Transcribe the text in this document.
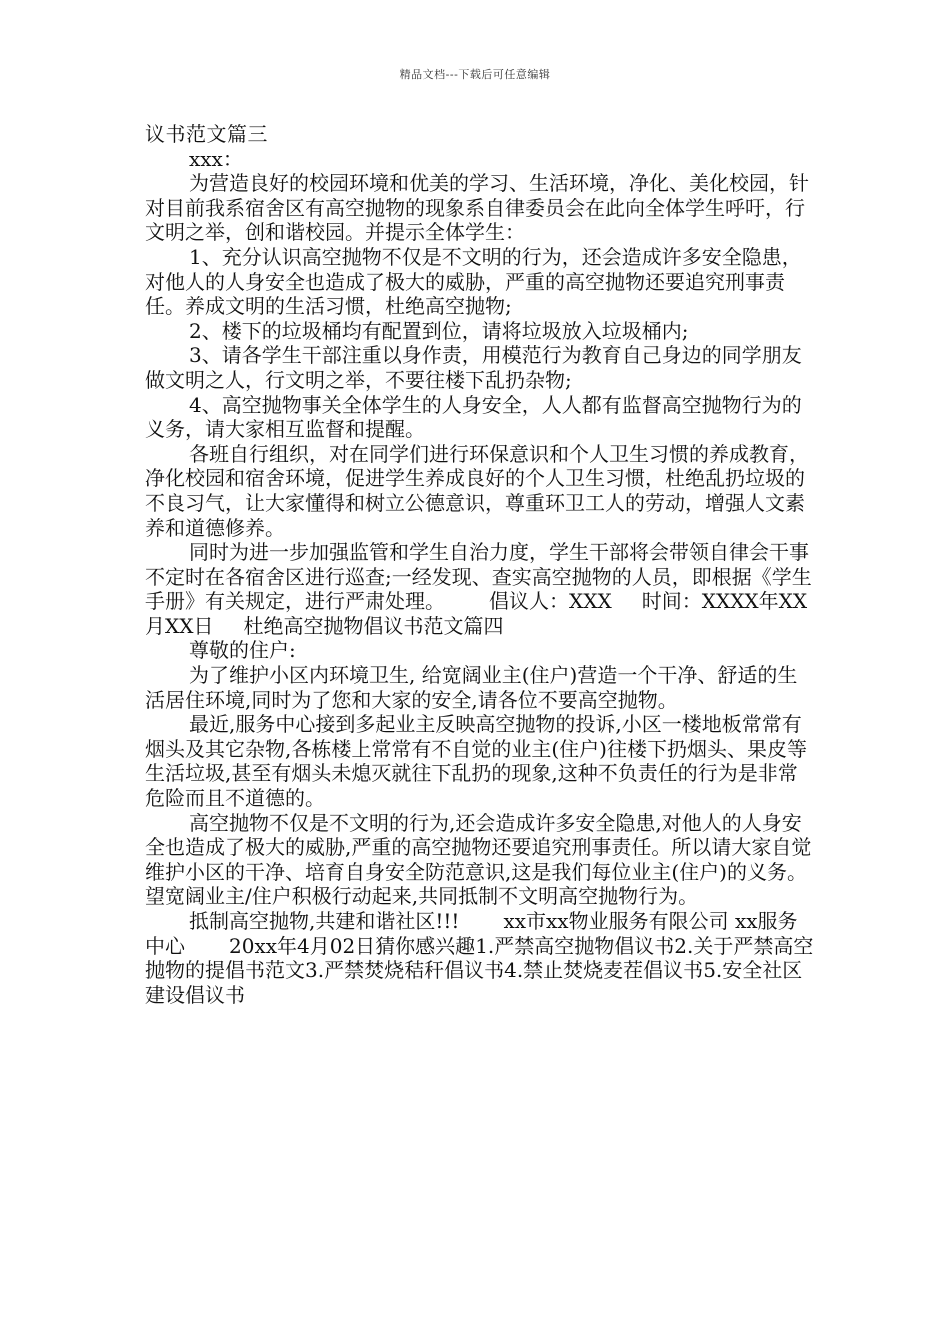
精品文档---下载后可任意编辑

议书范文篇三

xxx：

为营造良好的校园环境和优美的学习、生活环境，净化、美化校园，针对目前我系宿舍区有高空抛物的现象系自律委员会在此向全体学生呼吁，行文明之举，创和谐校园。并提示全体学生：

1、充分认识高空抛物不仅是不文明的行为，还会造成许多安全隐患，对他人的人身安全也造成了极大的威胁，严重的高空抛物还要追究刑事责任。养成文明的生活习惯，杜绝高空抛物;

2、楼下的垃圾桶均有配置到位，请将垃圾放入垃圾桶内;

3、请各学生干部注重以身作责，用模范行为教育自己身边的同学朋友做文明之人，行文明之举，不要往楼下乱扔杂物;

4、高空抛物事关全体学生的人身安全，人人都有监督高空抛物行为的义务，请大家相互监督和提醒。

各班自行组织，对在同学们进行环保意识和个人卫生习惯的养成教育，净化校园和宿舍环境，促进学生养成良好的个人卫生习惯，杜绝乱扔垃圾的不良习气，让大家懂得和树立公德意识，尊重环卫工人的劳动，增强人文素养和道德修养。

同时为进一步加强监管和学生自治力度，学生干部将会带领自律会干事不定时在各宿舍区进行巡查;一经发现、查实高空抛物的人员，即根据《学生手册》有关规定，进行严肃处理。 倡议人：XXX 时间：XXXX年XX月XX日 杜绝高空抛物倡议书范文篇四

尊敬的住户:

为了维护小区内环境卫生, 给宽阔业主(住户)营造一个干净、舒适的生活居住环境,同时为了您和大家的安全,请各位不要高空抛物。

最近,服务中心接到多起业主反映高空抛物的投诉,小区一楼地板常常有烟头及其它杂物,各栋楼上常常有不自觉的业主(住户)往楼下扔烟头、果皮等生活垃圾,甚至有烟头未熄灭就往下乱扔的现象,这种不负责任的行为是非常危险而且不道德的。

高空抛物不仅是不文明的行为,还会造成许多安全隐患,对他人的人身安全也造成了极大的威胁,严重的高空抛物还要追究刑事责任。所以请大家自觉维护小区的干净、培育自身安全防范意识,这是我们每位业主(住户)的义务。望宽阔业主/住户积极行动起来,共同抵制不文明高空抛物行为。

抵制高空抛物,共建和谐社区!!! xx市xx物业服务有限公司 xx服务中心 20xx年4月02日猜你感兴趣1.严禁高空抛物倡议书2.关于严禁高空抛物的提倡书范文3.严禁焚烧秸秆倡议书4.禁止焚烧麦茬倡议书5.安全社区建设倡议书
